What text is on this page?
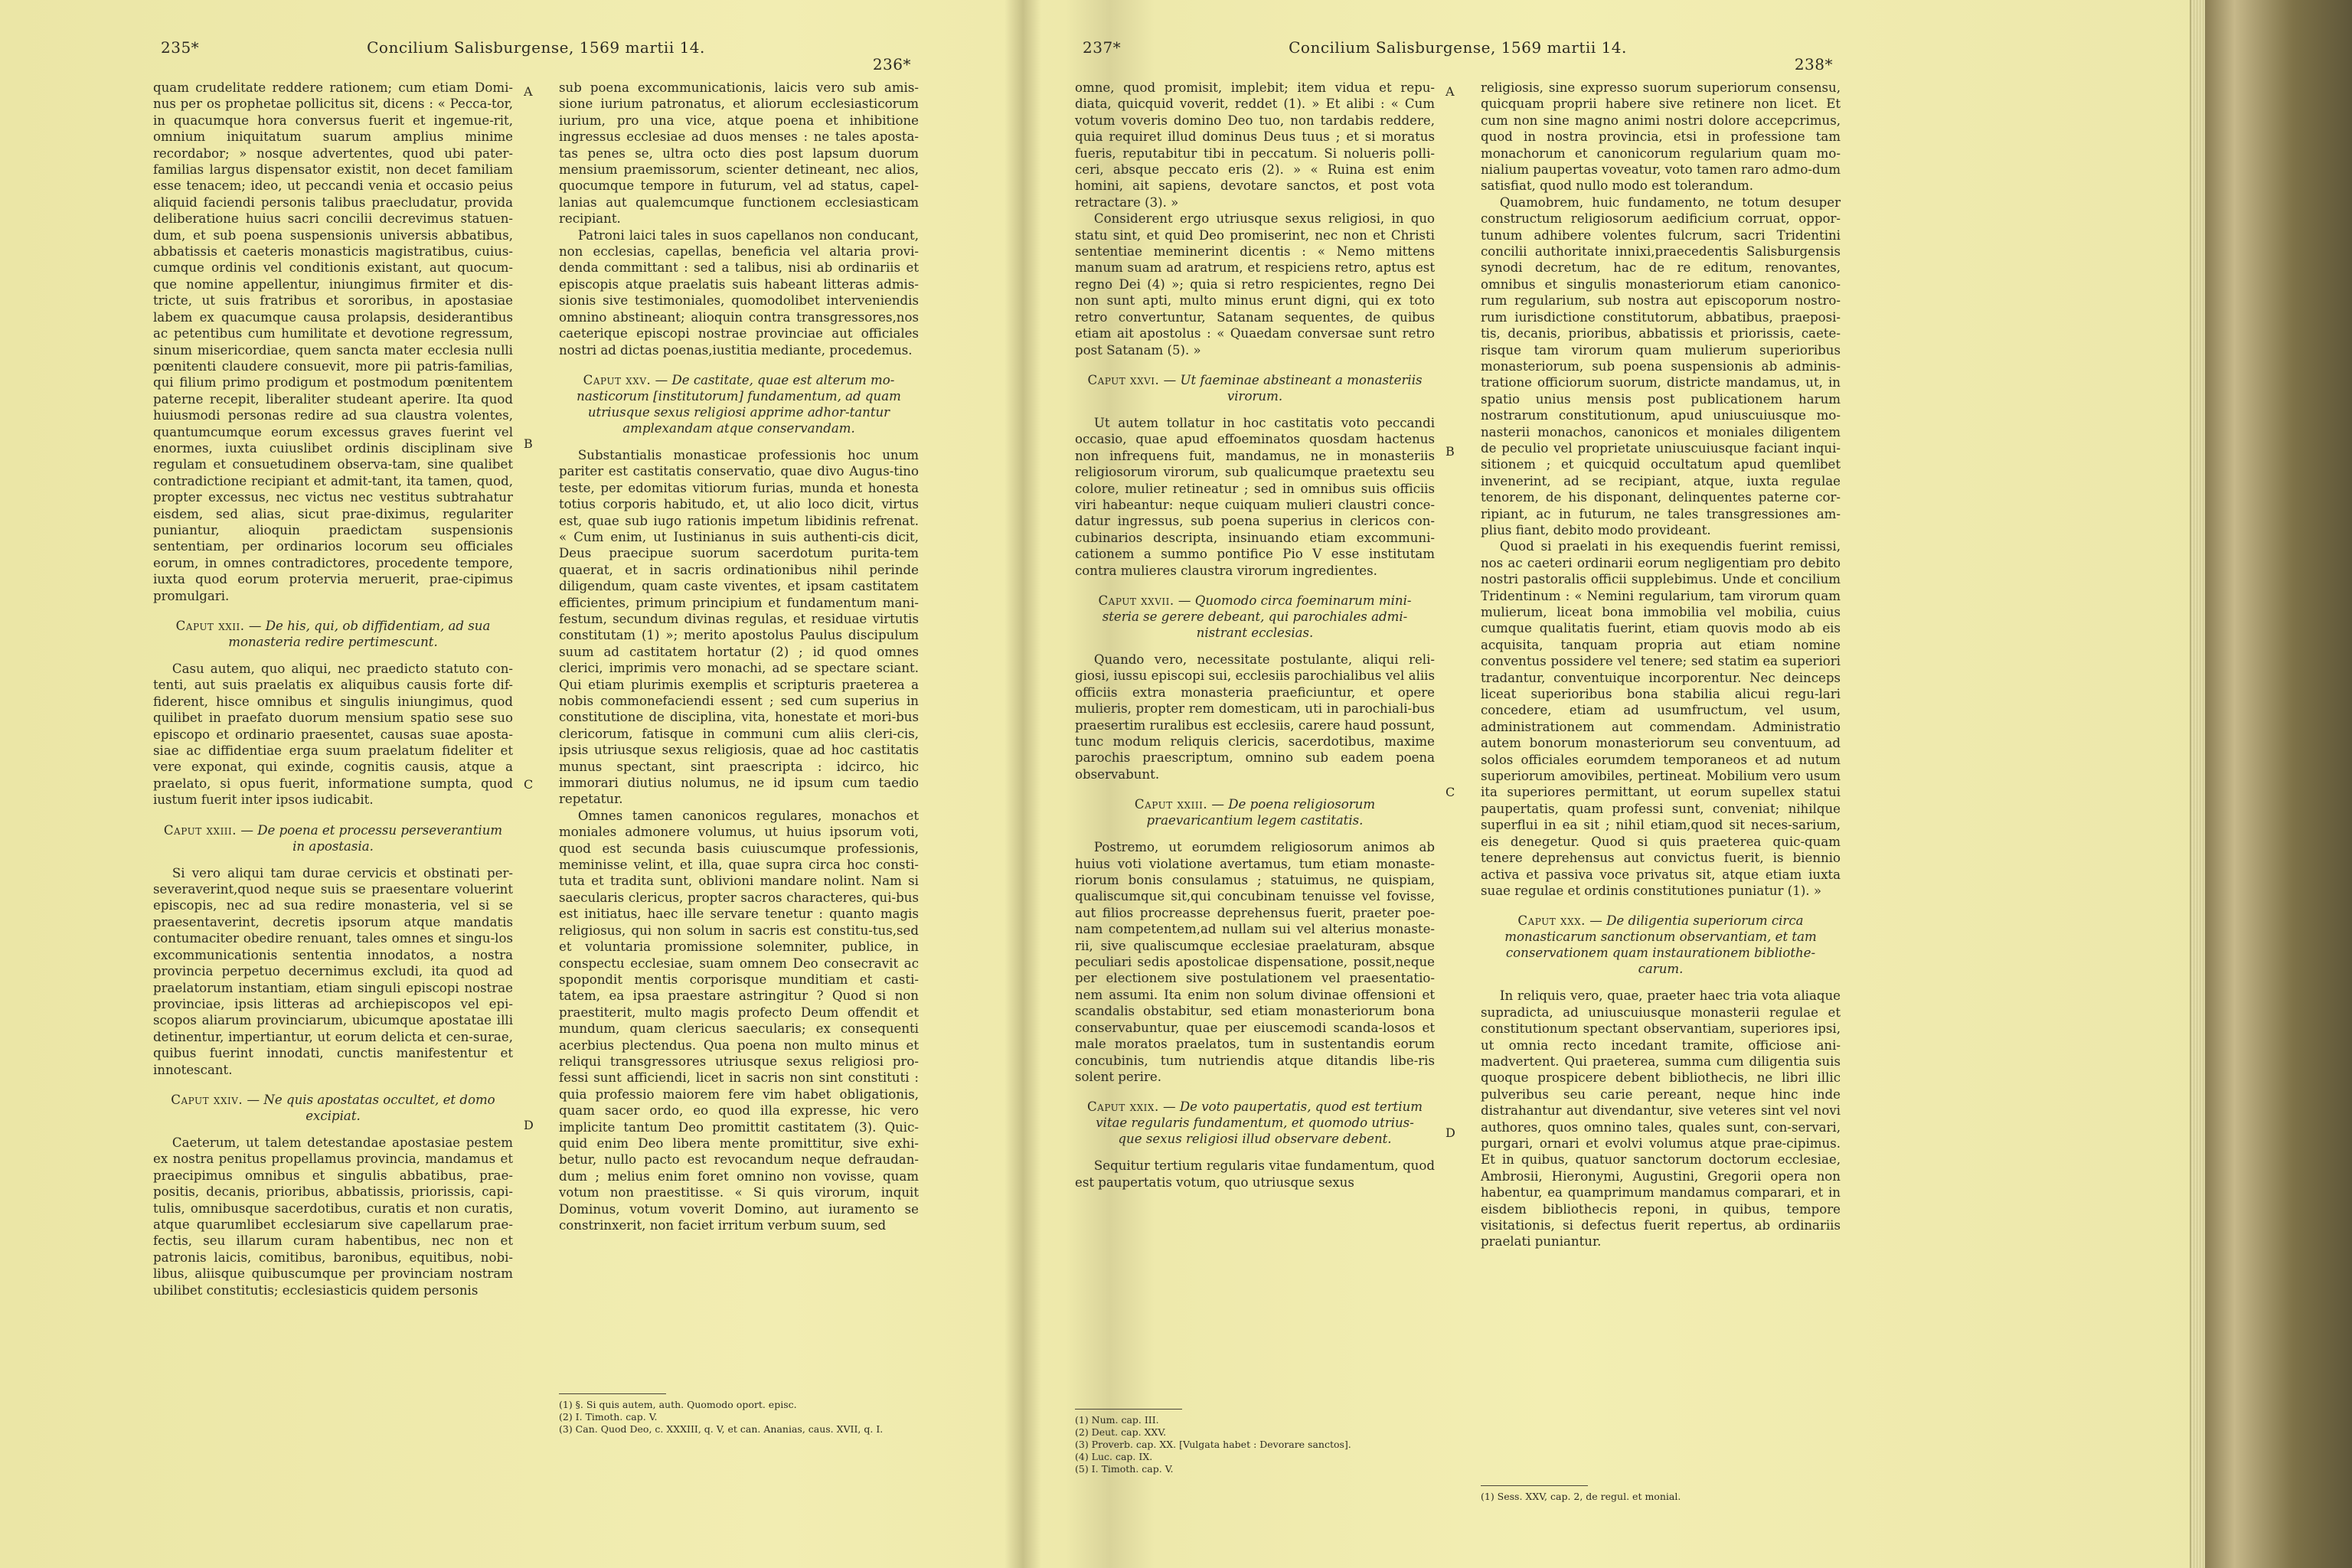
235*	Concilium Salisburgense, 1569 martii 14.
236*

quam crudelitate reddere rationem; cum etiam Domi-nus per os prophetae pollicitus sit, dicens : « Pecca-tor, in quacumque hora conversus fuerit et ingemue-rit, omnium iniquitatum suarum amplius minime recordabor; » nosque advertentes, quod ubi pater-familias largus dispensator existit, non decet familiam esse tenacem; ideo, ut peccandi venia et occasio peius aliquid faciendi personis talibus praecludatur, provida deliberatione huius sacri concilii decrevimus statuen-dum, et sub poena suspensionis universis abbatibus, abbatissis et caeteris monasticis magistratibus, cuius-cumque ordinis vel conditionis existant, aut quocum-que nomine appellentur, iniungimus firmiter et dis-tricte, ut suis fratribus et sororibus, in apostasiae labem ex quacumque causa prolapsis, desiderantibus ac petentibus cum humilitate et devotione regressum, sinum misericordiae, quem sancta mater ecclesia nulli pœnitenti claudere consuevit, more pii patris-familias, qui filium primo prodigum et postmodum pœnitentem paterne recepit, liberaliter studeant aperire. Ita quod huiusmodi personas redire ad sua claustra volentes, quantumcumque eorum excessus graves fuerint vel enormes, iuxta cuiuslibet ordinis disciplinam sive regulam et consuetudinem observa-tam, sine qualibet contradictione recipiant et admit-tant, ita tamen, quod, propter excessus, nec victus nec vestitus subtrahatur eisdem, sed alias, sicut prae-diximus, regulariter puniantur, alioquin praedictam suspensionis sententiam, per ordinarios locorum seu officiales eorum, in omnes contradictores, procedente tempore, iuxta quod eorum protervia meruerit, prae-cipimus promulgari.

Caput xxii. — De his, qui, ob diffidentiam, ad sua monasteria redire pertimescunt.

Casu autem, quo aliqui, nec praedicto statuto con-tenti, aut suis praelatis ex aliquibus causis forte dif-fiderent, hisce omnibus et singulis iniungimus, quod quilibet in praefato duorum mensium spatio sese suo episcopo et ordinario praesentet, causas suae aposta-siae ac diffidentiae erga suum praelatum fideliter et vere exponat, qui exinde, cognitis causis, atque a praelato, si opus fuerit, informatione sumpta, quod iustum fuerit inter ipsos iudicabit.

Caput xxiii. — De poena et processu perseverantium in apostasia.

Si vero aliqui tam durae cervicis et obstinati per-severaverint,quod neque suis se praesentare voluerint episcopis, nec ad sua redire monasteria, vel si se praesentaverint, decretis ipsorum atque mandatis contumaciter obedire renuant, tales omnes et singu-los excommunicationis sententia innodatos, a nostra provincia perpetuo decernimus excludi, ita quod ad praelatorum instantiam, etiam singuli episcopi nostrae provinciae, ipsis litteras ad archiepiscopos vel epi-scopos aliarum provinciarum, ubicumque apostatae illi detinentur, impertiantur, ut eorum delicta et cen-surae, quibus fuerint innodati, cunctis manifestentur et innotescant.

Caput xxiv. — Ne quis apostatas occultet, et domo excipiat.

Caeterum, ut talem detestandae apostasiae pestem ex nostra penitus propellamus provincia, mandamus et praecipimus omnibus et singulis abbatibus, prae-positis, decanis, prioribus, abbatissis, priorissis, capi-tulis, omnibusque sacerdotibus, curatis et non curatis, atque quarumlibet ecclesiarum sive capellarum prae-fectis, seu illarum curam habentibus, nec non et patronis laicis, comitibus, baronibus, equitibus, nobi-libus, aliisque quibuscumque per provinciam nostram ubilibet constitutis; ecclesiasticis quidem personis

sub poena excommunicationis, laicis vero sub amis-sione iurium patronatus, et aliorum ecclesiasticorum iurium, pro una vice, atque poena et inhibitione ingressus ecclesiae ad duos menses : ne tales aposta-tas penes se, ultra octo dies post lapsum duorum mensium praemissorum, scienter detineant, nec alios, quocumque tempore in futurum, vel ad status, capel-lanias aut qualemcumque functionem ecclesiasticam recipiant.

Patroni laici tales in suos capellanos non conducant, non ecclesias, capellas, beneficia vel altaria provi-denda committant : sed a talibus, nisi ab ordinariis et episcopis atque praelatis suis habeant litteras admis-sionis sive testimoniales, quomodolibet interveniendis omnino abstineant; alioquin contra transgressores,nos caeterique episcopi nostrae provinciae aut officiales nostri ad dictas poenas,iustitia mediante, procedemus.

Caput xxv. — De castitate, quae est alterum mo-nasticorum [institutorum] fundamentum, ad quam utriusque sexus religiosi apprime adhor-tantur amplexandam atque conservandam.

Substantialis monasticae professionis hoc unum pariter est castitatis conservatio, quae divo Augus-tino teste, per edomitas vitiorum furias, munda et honesta totius corporis habitudo, et, ut alio loco dicit, virtus est, quae sub iugo rationis impetum libidinis refrenat. « Cum enim, ut Iustinianus in suis authenti-cis dicit, Deus praecipue suorum sacerdotum purita-tem quaerat, et in sacris ordinationibus nihil perinde diligendum, quam caste viventes, et ipsam castitatem efficientes, primum principium et fundamentum mani-festum, secundum divinas regulas, et residuae virtutis constitutam (1) »; merito apostolus Paulus discipulum suum ad castitatem hortatur (2) ; id quod omnes clerici, imprimis vero monachi, ad se spectare sciant. Qui etiam plurimis exemplis et scripturis praeterea a nobis commonefaciendi essent ; sed cum superius in constitutione de disciplina, vita, honestate et mori-bus clericorum, fatisque in communi cum aliis cleri-cis, ipsis utriusque sexus religiosis, quae ad hoc castitatis munus spectant, sint praescripta : idcirco, hic immorari diutius nolumus, ne id ipsum cum taedio repetatur.

Omnes tamen canonicos regulares, monachos et moniales admonere volumus, ut huius ipsorum voti, quod est secunda basis cuiuscumque professionis, meminisse velint, et illa, quae supra circa hoc consti-tuta et tradita sunt, oblivioni mandare nolint. Nam si saecularis clericus, propter sacros characteres, qui-bus est initiatus, haec ille servare tenetur : quanto magis religiosus, qui non solum in sacris est constitu-tus,sed et voluntaria promissione solemniter, publice, in conspectu ecclesiae, suam omnem Deo consecravit ac spopondit mentis corporisque munditiam et casti-tatem, ea ipsa praestare astringitur ? Quod si non praestiterit, multo magis profecto Deum offendit et mundum, quam clericus saecularis; ex consequenti acerbius plectendus. Qua poena non multo minus et reliqui transgressores utriusque sexus religiosi pro-fessi sunt afficiendi, licet in sacris non sint constituti : quia professio maiorem fere vim habet obligationis, quam sacer ordo, eo quod illa expresse, hic vero implicite tantum Deo promittit castitatem (3). Quic-quid enim Deo libera mente promittitur, sive exhi-betur, nullo pacto est revocandum neque defraudan-dum ; melius enim foret omnino non vovisse, quam votum non praestitisse. « Si quis virorum, inquit Dominus, votum voverit Domino, aut iuramento se constrinxerit, non faciet irritum verbum suum, sed

A
B
C
D
(1) §. Si quis autem, auth. Quomodo oport. episc.
(2) I. Timoth. cap. V.
(3) Can. Quod Deo, c. XXXIII, q. V, et can. Ananias, caus. XVII, q. I.
237*	Concilium Salisburgense, 1569 martii 14.
238*

omne, quod promisit, implebit; item vidua et repu-diata, quicquid voverit, reddet (1). » Et alibi : « Cum votum voveris domino Deo tuo, non tardabis reddere, quia requiret illud dominus Deus tuus ; et si moratus fueris, reputabitur tibi in peccatum. Si nolueris polli-ceri, absque peccato eris (2). » « Ruina est enim homini, ait sapiens, devotare sanctos, et post vota retractare (3). »

Considerent ergo utriusque sexus religiosi, in quo statu sint, et quid Deo promiserint, nec non et Christi sententiae meminerint dicentis : « Nemo mittens manum suam ad aratrum, et respiciens retro, aptus est regno Dei (4) »; quia si retro respicientes, regno Dei non sunt apti, multo minus erunt digni, qui ex toto retro convertuntur, Satanam sequentes, de quibus etiam ait apostolus : « Quaedam conversae sunt retro post Satanam (5). »

Caput xxvi. — Ut faeminae abstineant a monasteriis virorum.

Ut autem tollatur in hoc castitatis voto peccandi occasio, quae apud effoeminatos quosdam hactenus non infrequens fuit, mandamus, ne in monasteriis religiosorum virorum, sub qualicumque praetextu seu colore, mulier retineatur ; sed in omnibus suis officiis viri habeantur: neque cuiquam mulieri claustri conce-datur ingressus, sub poena superius in clericos con-cubinarios descripta, insinuando etiam excommuni-cationem a summo pontifice Pio V esse institutam contra mulieres claustra virorum ingredientes.

Caput xxvii. — Quomodo circa foeminarum mini-steria se gerere debeant, qui parochiales admi-nistrant ecclesias.

Quando vero, necessitate postulante, aliqui reli-giosi, iussu episcopi sui, ecclesiis parochialibus vel aliis officiis extra monasteria praeficiuntur, et opere mulieris, propter rem domesticam, uti in parochiali-bus praesertim ruralibus est ecclesiis, carere haud possunt, tunc modum reliquis clericis, sacerdotibus, maxime parochis praescriptum, omnino sub eadem poena observabunt.

Caput xxiii. — De poena religiosorum praevaricantium legem castitatis.

Postremo, ut eorumdem religiosorum animos ab huius voti violatione avertamus, tum etiam monaste-riorum bonis consulamus ; statuimus, ne quispiam, qualiscumque sit,qui concubinam tenuisse vel fovisse, aut filios procreasse deprehensus fuerit, praeter poe-nam competentem,ad nullam sui vel alterius monaste-rii, sive qualiscumque ecclesiae praelaturam, absque peculiari sedis apostolicae dispensatione, possit,neque per electionem sive postulationem vel praesentatio-nem assumi. Ita enim non solum divinae offensioni et scandalis obstabitur, sed etiam monasteriorum bona conservabuntur, quae per eiuscemodi scanda-losos et male moratos praelatos, tum in sustentandis eorum concubinis, tum nutriendis atque ditandis libe-ris solent perire.

Caput xxix. — De voto paupertatis, quod est tertium vitae regularis fundamentum, et quomodo utrius-que sexus religiosi illud observare debent.

Sequitur tertium regularis vitae fundamentum, quod est paupertatis votum, quo utriusque sexus

religiosis, sine expresso suorum superiorum consensu, quicquam proprii habere sive retinere non licet. Et cum non sine magno animi nostri dolore accepcrimus, quod in nostra provincia, etsi in professione tam monachorum et canonicorum regularium quam mo-nialium paupertas voveatur, voto tamen raro admo-dum satisfiat, quod nullo modo est tolerandum.

Quamobrem, huic fundamento, ne totum desuper constructum religiosorum aedificium corruat, oppor-tunum adhibere volentes fulcrum, sacri Tridentini concilii authoritate innixi,praecedentis Salisburgensis synodi decretum, hac de re editum, renovantes, omnibus et singulis monasteriorum etiam canonico-rum regularium, sub nostra aut episcoporum nostro-rum iurisdictione constitutorum, abbatibus, praeposi-tis, decanis, prioribus, abbatissis et priorissis, caete-risque tam virorum quam mulierum superioribus monasteriorum, sub poena suspensionis ab adminis-tratione officiorum suorum, districte mandamus, ut, in spatio unius mensis post publicationem harum nostrarum constitutionum, apud uniuscuiusque mo-nasterii monachos, canonicos et moniales diligentem de peculio vel proprietate uniuscuiusque faciant inqui-sitionem ; et quicquid occultatum apud quemlibet invenerint, ad se recipiant, atque, iuxta regulae tenorem, de his disponant, delinquentes paterne cor-ripiant, ac in futurum, ne tales transgressiones am-plius fiant, debito modo provideant.

Quod si praelati in his exequendis fuerint remissi, nos ac caeteri ordinarii eorum negligentiam pro debito nostri pastoralis officii supplebimus. Unde et concilium Tridentinum : « Nemini regularium, tam virorum quam mulierum, liceat bona immobilia vel mobilia, cuius cumque qualitatis fuerint, etiam quovis modo ab eis acquisita, tanquam propria aut etiam nomine conventus possidere vel tenere; sed statim ea superiori tradantur, conventuique incorporentur. Nec deinceps liceat superioribus bona stabilia alicui regu-lari concedere, etiam ad usumfructum, vel usum, administrationem aut commendam. Administratio autem bonorum monasteriorum seu conventuum, ad solos officiales eorumdem temporaneos et ad nutum superiorum amovibiles, pertineat. Mobilium vero usum ita superiores permittant, ut eorum supellex statui paupertatis, quam professi sunt, conveniat; nihilque superflui in ea sit ; nihil etiam,quod sit neces-sarium, eis denegetur. Quod si quis praeterea quic-quam tenere deprehensus aut convictus fuerit, is biennio activa et passiva voce privatus sit, atque etiam iuxta suae regulae et ordinis constitutiones puniatur (1). »

Caput xxx. — De diligentia superiorum circa monasticarum sanctionum observantiam, et tam conservationem quam instaurationem bibliothe-carum.

In reliquis vero, quae, praeter haec tria vota aliaque supradicta, ad uniuscuiusque monasterii regulae et constitutionum spectant observantiam, superiores ipsi, ut omnia recto incedant tramite, officiose ani-madvertent. Qui praeterea, summa cum diligentia suis quoque prospicere debent bibliothecis, ne libri illic pulveribus seu carie pereant, neque hinc inde distrahantur aut divendantur, sive veteres sint vel novi authores, quos omnino tales, quales sunt, con-servari, purgari, ornari et evolvi volumus atque prae-cipimus. Et in quibus, quatuor sanctorum doctorum ecclesiae, Ambrosii, Hieronymi, Augustini, Gregorii opera non habentur, ea quamprimum mandamus comparari, et in eisdem bibliothecis reponi, in quibus, tempore visitationis, si defectus fuerit repertus, ab ordinariis praelati puniantur.

A
B
C
D
(1) Num. cap. III.
(2) Deut. cap. XXV.
(3) Proverb. cap. XX. [Vulgata habet : Devorare sanctos].
(4) Luc. cap. IX.
(5) I. Timoth. cap. V.
(1) Sess. XXV, cap. 2, de regul. et monial.
